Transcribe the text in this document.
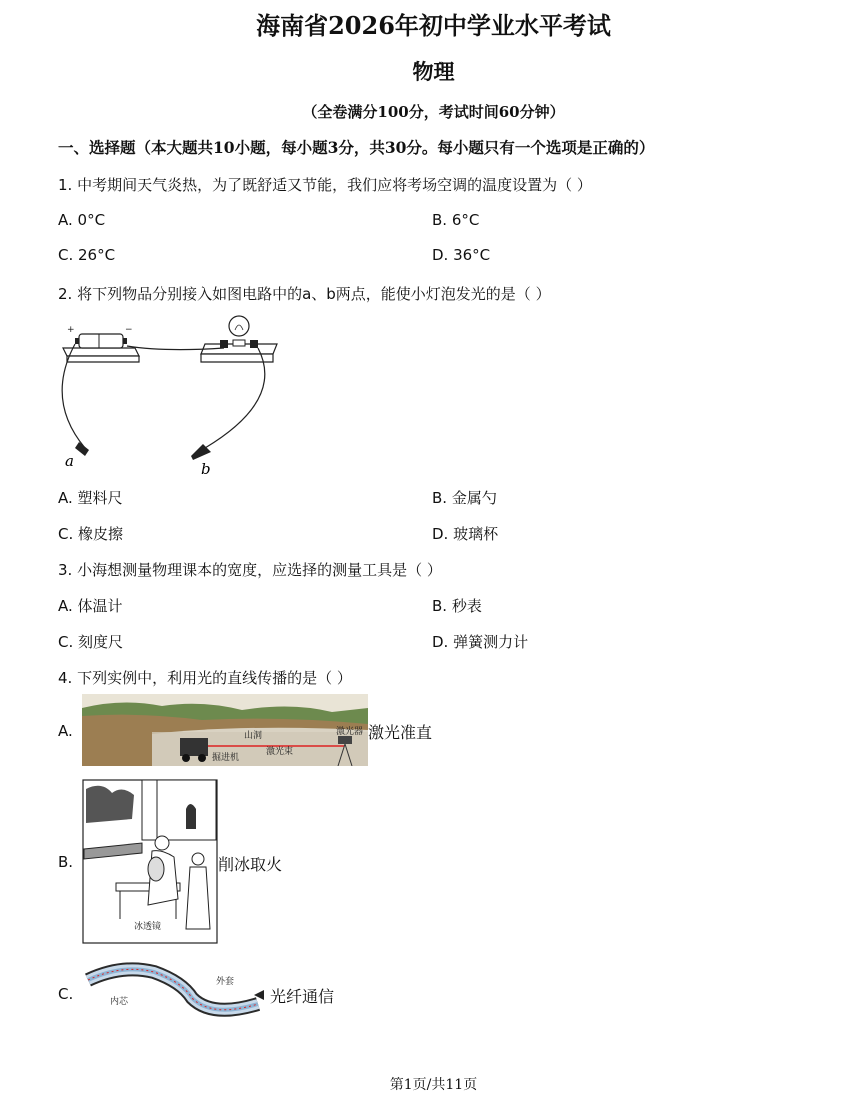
海南省2026年初中学业水平考试
物理
（全卷满分100分，考试时间60分钟）
一、选择题（本大题共10小题，每小题3分，共30分。每小题只有一个选项是正确的）
1. 中考期间天气炎热，为了既舒适又节能，我们应将考场空调的温度设置为（ ）
A. 0°C	B. 6°C
C. 26°C	D. 36°C
2. 将下列物品分别接入如图电路中的a、b两点，能使小灯泡发光的是（ ）
+	−
a	b
A. 塑料尺	B. 金属勺
C. 橡皮擦	D. 玻璃杯
3. 小海想测量物理课本的宽度，应选择的测量工具是（ ）
A. 体温计	B. 秒表
C. 刻度尺	D. 弹簧测力计
4. 下列实例中，利用光的直线传播的是（ ）
A.	山洞
激光束
激光器
掘进机
激光准直
B.
冰透镜
削冰取火
C.	内芯
外套
光纤通信
第1页/共11页
